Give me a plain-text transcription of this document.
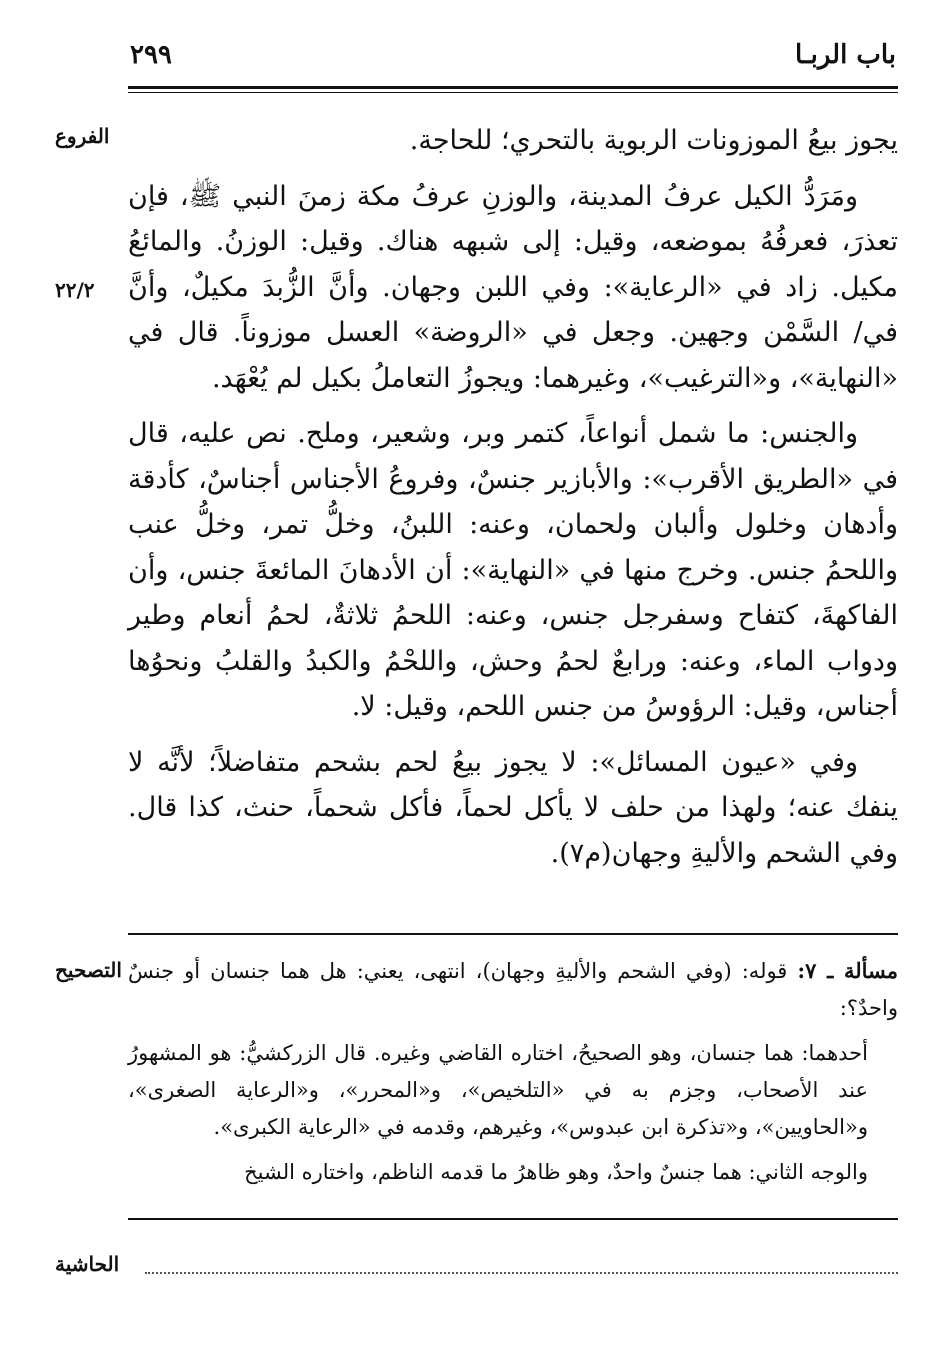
باب الربـا
٢٩٩
الفروع
٢٢/٢

يجوز بيعُ الموزونات الربوية بالتحري؛ للحاجة.

ومَرَدُّ الكيل عرفُ المدينة، والوزنِ عرفُ مكة زمنَ النبي ﷺ، فإن تعذرَ، فعرفُهُ بموضعه، وقيل: إلى شبهه هناك. وقيل: الوزنُ. والمائعُ مكيل. زاد في «الرعاية»: وفي اللبن وجهان. وأنَّ الزُّبدَ مكيلٌ، وأنَّ في/ السَّمْن وجهين. وجعل في «الروضة» العسل موزوناً. قال في «النهاية»، و«الترغيب»، وغيرهما: ويجوزُ التعاملُ بكيل لم يُعْهَد.

والجنس: ما شمل أنواعاً، كتمر وبر، وشعير، وملح. نص عليه، قال في «الطريق الأقرب»: والأبازير جنسٌ، وفروعُ الأجناس أجناسٌ، كأدقة وأدهان وخلول وألبان ولحمان، وعنه: اللبنُ، وخلُّ تمر، وخلُّ عنب واللحمُ جنس. وخرج منها في «النهاية»: أن الأدهانَ المائعةَ جنس، وأن الفاكهةَ، كتفاح وسفرجل جنس، وعنه: اللحمُ ثلاثةٌ، لحمُ أنعام وطير ودواب الماء، وعنه: ورابعٌ لحمُ وحش، واللحْمُ والكبدُ والقلبُ ونحوُها أجناس، وقيل: الرؤوسُ من جنس اللحم، وقيل: لا.

وفي «عيون المسائل»: لا يجوز بيعُ لحم بشحم متفاضلاً؛ لأنَّه لا ينفك عنه؛ ولهذا من حلف لا يأكل لحماً، فأكل شحماً، حنث، كذا قال. وفي الشحم والأليةِ وجهان(م٧).

التصحيح	مسألة ـ ٧: قوله: (وفي الشحم والأليةِ وجهان)، انتهى، يعني: هل هما جنسان أو جنسٌ واحدٌ؟:

أحدهما: هما جنسان، وهو الصحيحُ، اختاره القاضي وغيره. قال الزركشيُّ: هو المشهورُ عند الأصحاب، وجزم به في «التلخيص»، و«المحرر»، و«الرعاية الصغرى»، و«الحاويين»، و«تذكرة ابن عبدوس»، وغيرهم، وقدمه في «الرعاية الكبرى».

والوجه الثاني: هما جنسٌ واحدٌ، وهو ظاهرُ ما قدمه الناظم، واختاره الشيخ

الحاشية
